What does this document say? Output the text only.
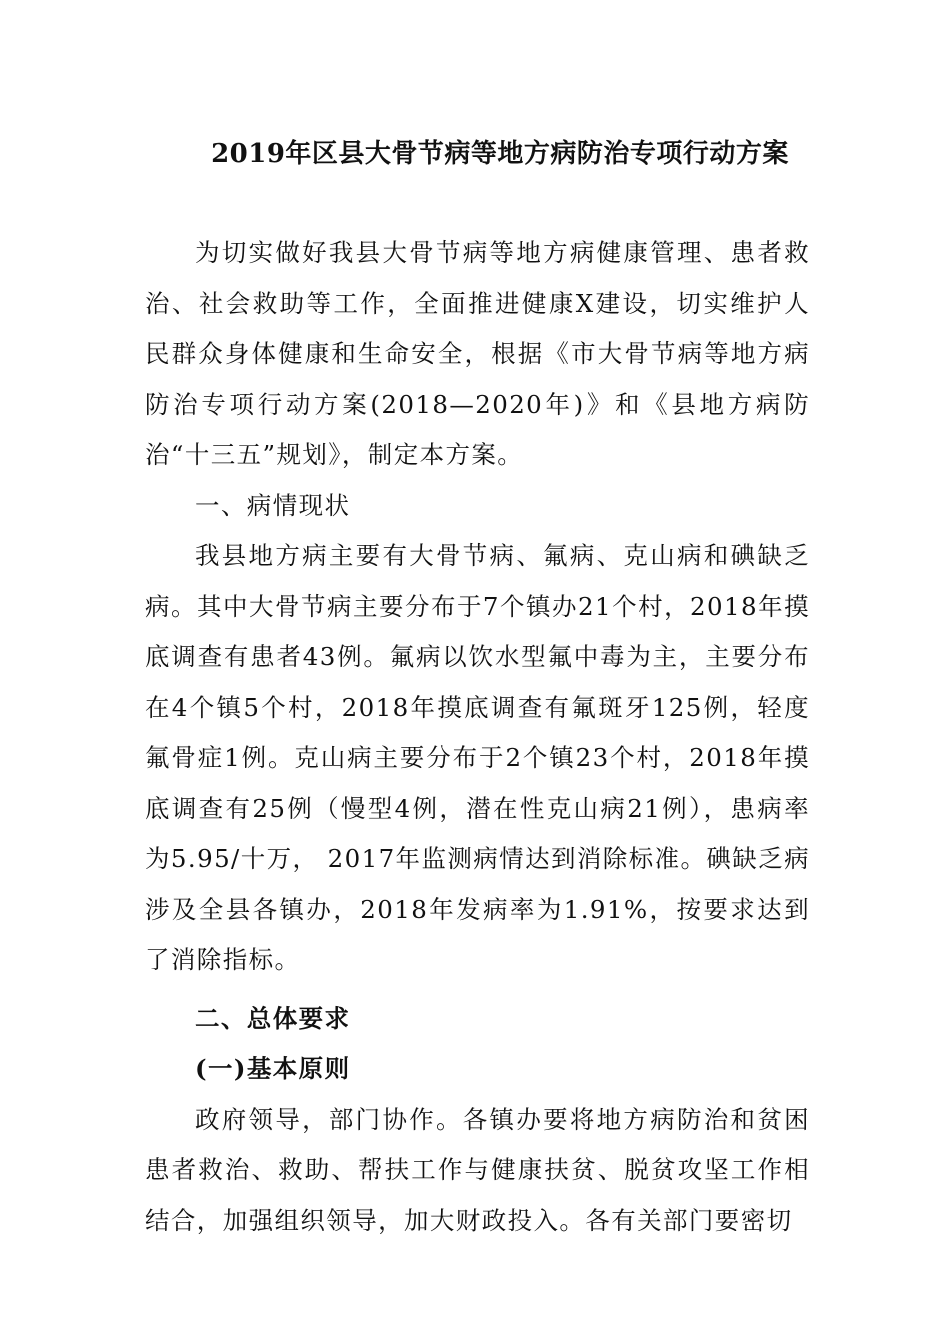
2019年区县大骨节病等地方病防治专项行动方案

为切实做好我县大骨节病等地方病健康管理、患者救治、社会救助等工作，全面推进健康X建设，切实维护人民群众身体健康和生命安全，根据《市大骨节病等地方病防治专项行动方案(2018—2020年)》和《县地方病防治“十三五”规划》，制定本方案。

一、病情现状

我县地方病主要有大骨节病、氟病、克山病和碘缺乏病。其中大骨节病主要分布于7个镇办21个村，2018年摸底调查有患者43例。氟病以饮水型氟中毒为主，主要分布在4个镇5个村，2018年摸底调查有氟斑牙125例，轻度氟骨症1例。克山病主要分布于2个镇23个村，2018年摸底调查有25例（慢型4例，潜在性克山病21例），患病率为5.95/十万， 2017年监测病情达到消除标准。碘缺乏病涉及全县各镇办，2018年发病率为1.91%，按要求达到了消除指标。

二、总体要求

(一)基本原则

政府领导，部门协作。各镇办要将地方病防治和贫困患者救治、救助、帮扶工作与健康扶贫、脱贫攻坚工作相结合，加强组织领导，加大财政投入。各有关部门要密切
